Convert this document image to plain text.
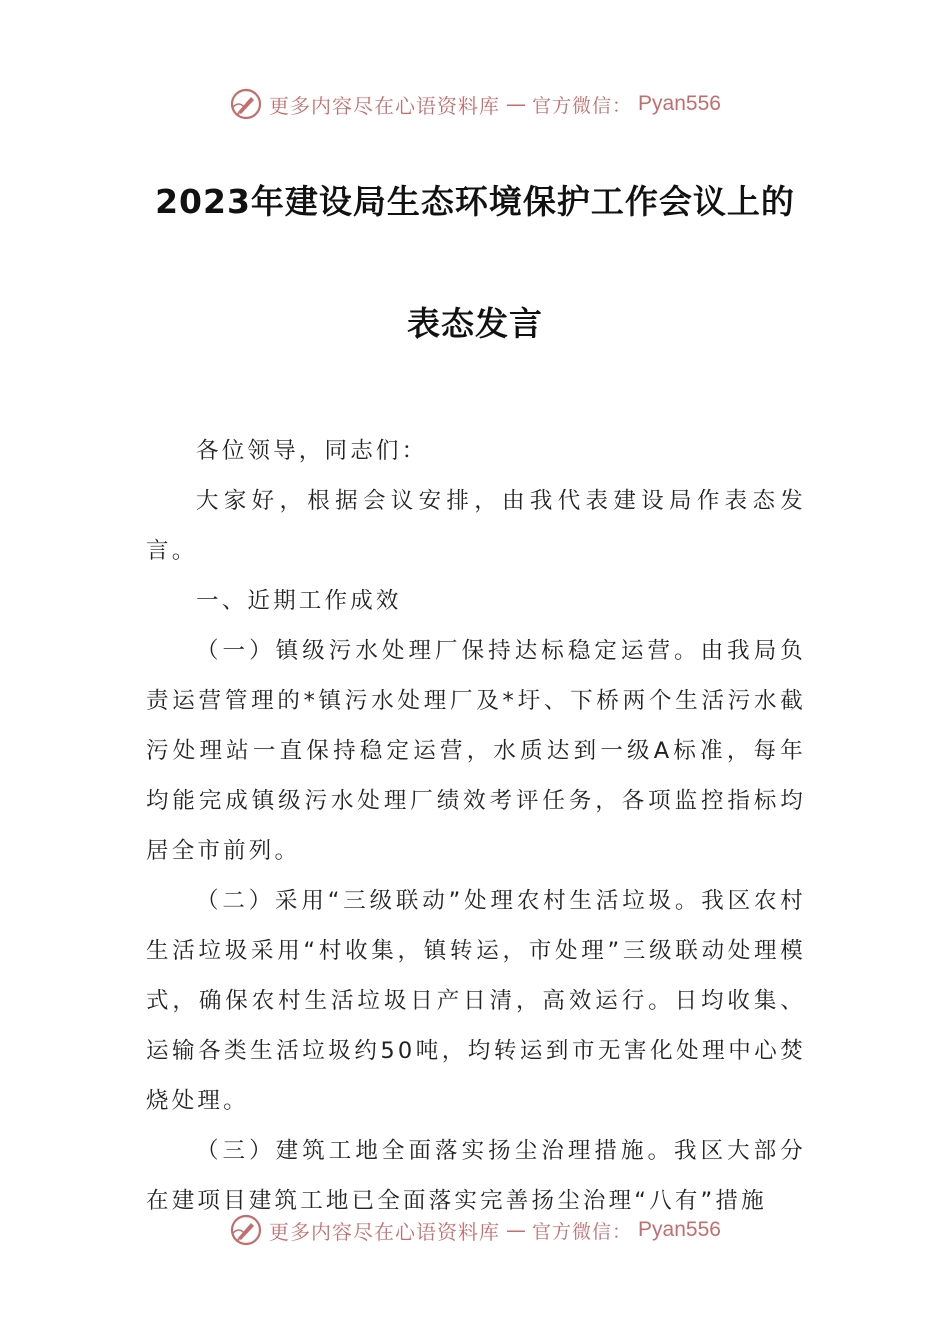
更多内容尽在心语资料库 — 官方微信： Pyan556
2023年建设局生态环境保护工作会议上的
表态发言

各位领导，同志们：

大家好，根据会议安排，由我代表建设局作表态发言。

一、近期工作成效

（一）镇级污水处理厂保持达标稳定运营。由我局负责运营管理的*镇污水处理厂及*圩、下桥两个生活污水截污处理站一直保持稳定运营，水质达到一级A标准，每年均能完成镇级污水处理厂绩效考评任务，各项监控指标均居全市前列。

（二）采用“三级联动”处理农村生活垃圾。我区农村生活垃圾采用“村收集，镇转运，市处理”三级联动处理模式，确保农村生活垃圾日产日清，高效运行。日均收集、运输各类生活垃圾约50吨，均转运到市无害化处理中心焚烧处理。

（三）建筑工地全面落实扬尘治理措施。我区大部分在建项目建筑工地已全面落实完善扬尘治理“八有”措施

更多内容尽在心语资料库 — 官方微信： Pyan556
